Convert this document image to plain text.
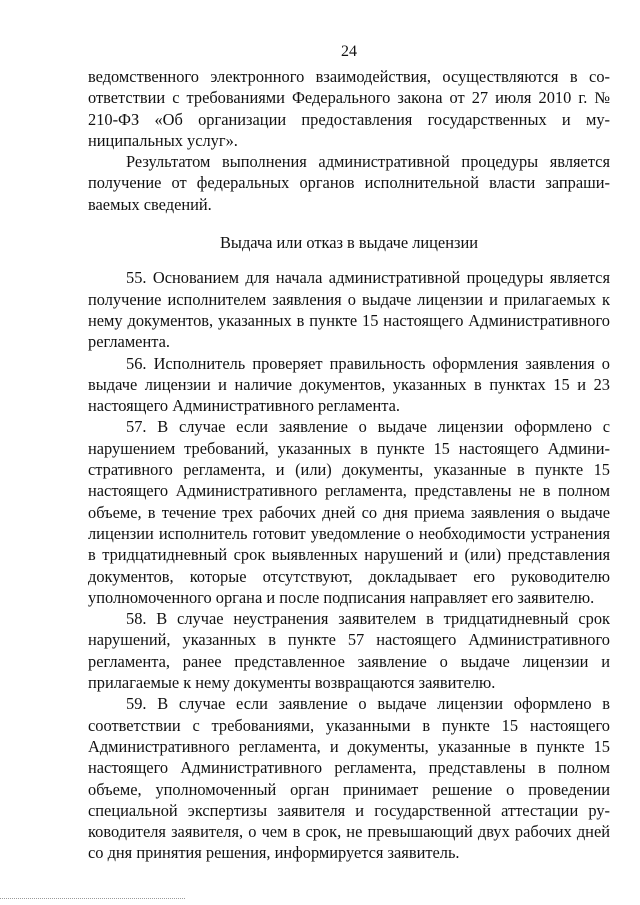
24

ведомственного электронного взаимодействия, осуществляются в соответствии с требованиями Федерального закона от 27 июля 2010 г. № 210-ФЗ «Об организации предоставления государственных и муниципальных услуг».

Результатом выполнения административной процедуры является получение от федеральных органов исполнительной власти запрашиваемых сведений.

Выдача или отказ в выдаче лицензии

55. Основанием для начала административной процедуры является получение исполнителем заявления о выдаче лицензии и прилагаемых к нему документов, указанных в пункте 15 настоящего Административного регламента.

56. Исполнитель проверяет правильность оформления заявления о выдаче лицензии и наличие документов, указанных в пунктах 15 и 23 настоящего Административного регламента.

57. В случае если заявление о выдаче лицензии оформлено с нарушением требований, указанных в пункте 15 настоящего Административного регламента, и (или) документы, указанные в пункте 15 настоящего Административного регламента, представлены не в полном объеме, в течение трех рабочих дней со дня приема заявления о выдаче лицензии исполнитель готовит уведомление о необходимости устранения в тридцатидневный срок выявленных нарушений и (или) представления документов, которые отсутствуют, докладывает его руководителю уполномоченного органа и после подписания направляет его заявителю.

58. В случае неустранения заявителем в тридцатидневный срок нарушений, указанных в пункте 57 настоящего Административного регламента, ранее представленное заявление о выдаче лицензии и прилагаемые к нему документы возвращаются заявителю.

59. В случае если заявление о выдаче лицензии оформлено в соответствии с требованиями, указанными в пункте 15 настоящего Административного регламента, и документы, указанные в пункте 15 настоящего Административного регламента, представлены в полном объеме, уполномоченный орган принимает решение о проведении специальной экспертизы заявителя и государственной аттестации руководителя заявителя, о чем в срок, не превышающий двух рабочих дней со дня принятия решения, информируется заявитель.
